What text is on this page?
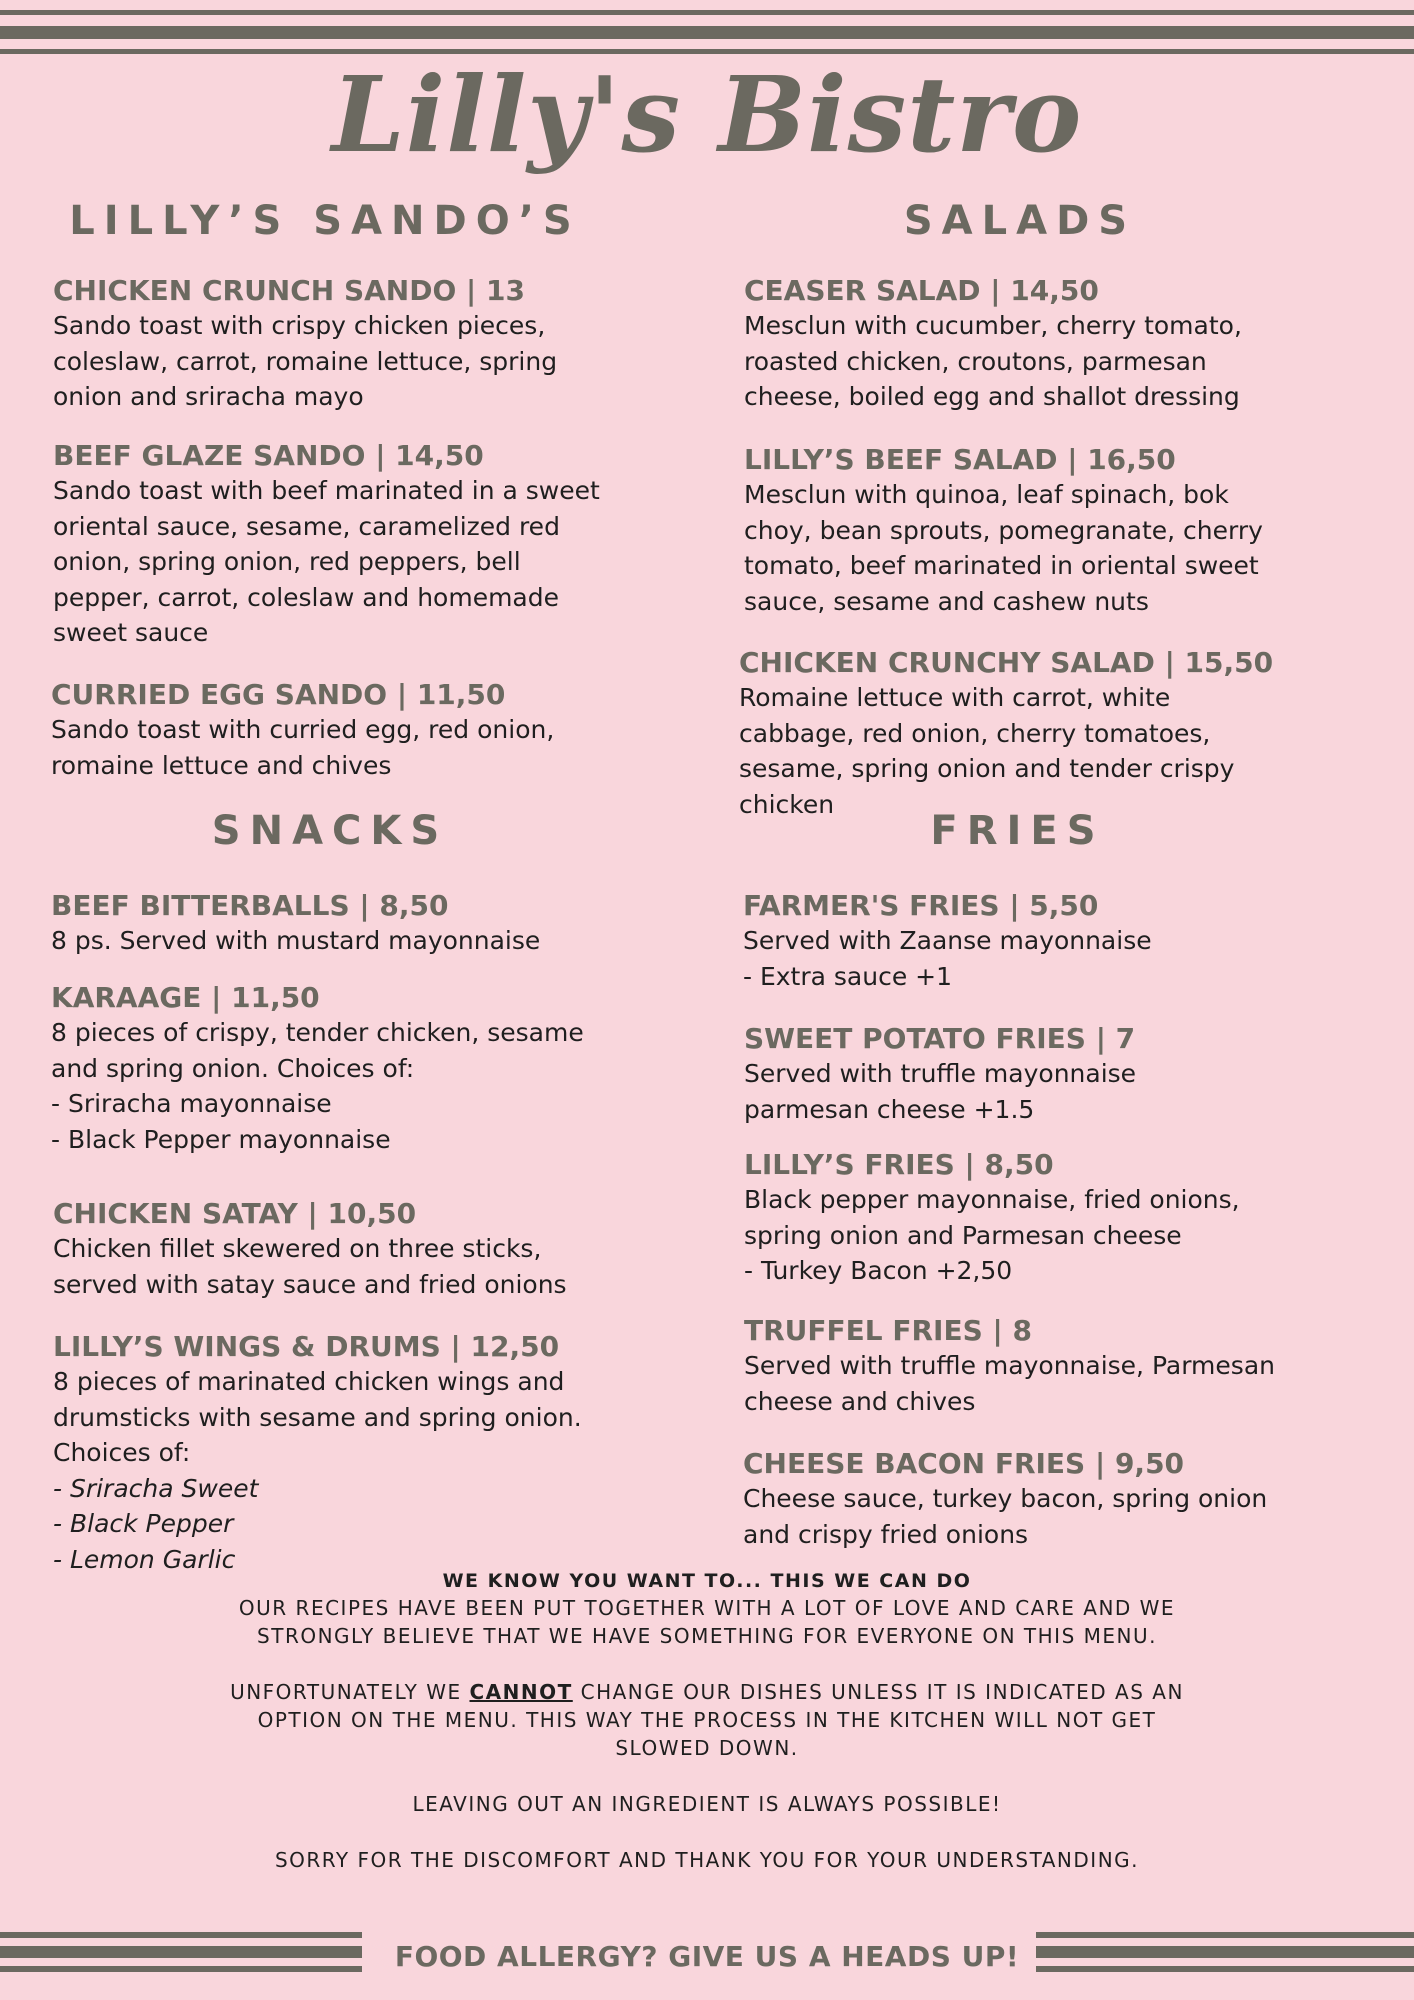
Lilly's Bistro
LILLY’S SANDO’S
CHICKEN CRUNCH SANDO | 13
Sando toast with crispy chicken pieces,
coleslaw, carrot, romaine lettuce, spring
onion and sriracha mayo
BEEF GLAZE SANDO | 14,50
Sando toast with beef marinated in a sweet
oriental sauce, sesame, caramelized red
onion, spring onion, red peppers, bell
pepper, carrot, coleslaw and homemade
sweet sauce
CURRIED EGG SANDO | 11,50
Sando toast with curried egg, red onion,
romaine lettuce and chives
SALADS
CEASER SALAD | 14,50
Mesclun with cucumber, cherry tomato,
roasted chicken, croutons, parmesan
cheese, boiled egg and shallot dressing
LILLY’S BEEF SALAD | 16,50
Mesclun with quinoa, leaf spinach, bok
choy, bean sprouts, pomegranate, cherry
tomato, beef marinated in oriental sweet
sauce, sesame and cashew nuts
CHICKEN CRUNCHY SALAD | 15,50
Romaine lettuce with carrot, white
cabbage, red onion, cherry tomatoes,
sesame, spring onion and tender crispy
chicken
SNACKS
BEEF BITTERBALLS | 8,50
8 ps. Served with mustard mayonnaise
KARAAGE | 11,50
8 pieces of crispy, tender chicken, sesame
and spring onion. Choices of:
- Sriracha mayonnaise
- Black Pepper mayonnaise
CHICKEN SATAY | 10,50
Chicken fillet skewered on three sticks,
served with satay sauce and fried onions
LILLY’S WINGS & DRUMS | 12,50
8 pieces of marinated chicken wings and
drumsticks with sesame and spring onion.
Choices of:
- Sriracha Sweet
- Black Pepper
- Lemon Garlic
FRIES
FARMER'S FRIES | 5,50
Served with Zaanse mayonnaise
- Extra sauce +1
SWEET POTATO FRIES | 7
Served with truffle mayonnaise
parmesan cheese +1.5
LILLY’S FRIES | 8,50
Black pepper mayonnaise, fried onions,
spring onion and Parmesan cheese
- Turkey Bacon +2,50
TRUFFEL FRIES | 8
Served with truffle mayonnaise, Parmesan
cheese and chives
CHEESE BACON FRIES | 9,50
Cheese sauce, turkey bacon, spring onion
and crispy fried onions
WE KNOW YOU WANT TO... THIS WE CAN DO

OUR RECIPES HAVE BEEN PUT TOGETHER WITH A LOT OF LOVE AND CARE AND WE

STRONGLY BELIEVE THAT WE HAVE SOMETHING FOR EVERYONE ON THIS MENU.

UNFORTUNATELY WE CANNOT CHANGE OUR DISHES UNLESS IT IS INDICATED AS AN

OPTION ON THE MENU. THIS WAY THE PROCESS IN THE KITCHEN WILL NOT GET

SLOWED DOWN.

LEAVING OUT AN INGREDIENT IS ALWAYS POSSIBLE!

SORRY FOR THE DISCOMFORT AND THANK YOU FOR YOUR UNDERSTANDING.

FOOD ALLERGY? GIVE US A HEADS UP!
